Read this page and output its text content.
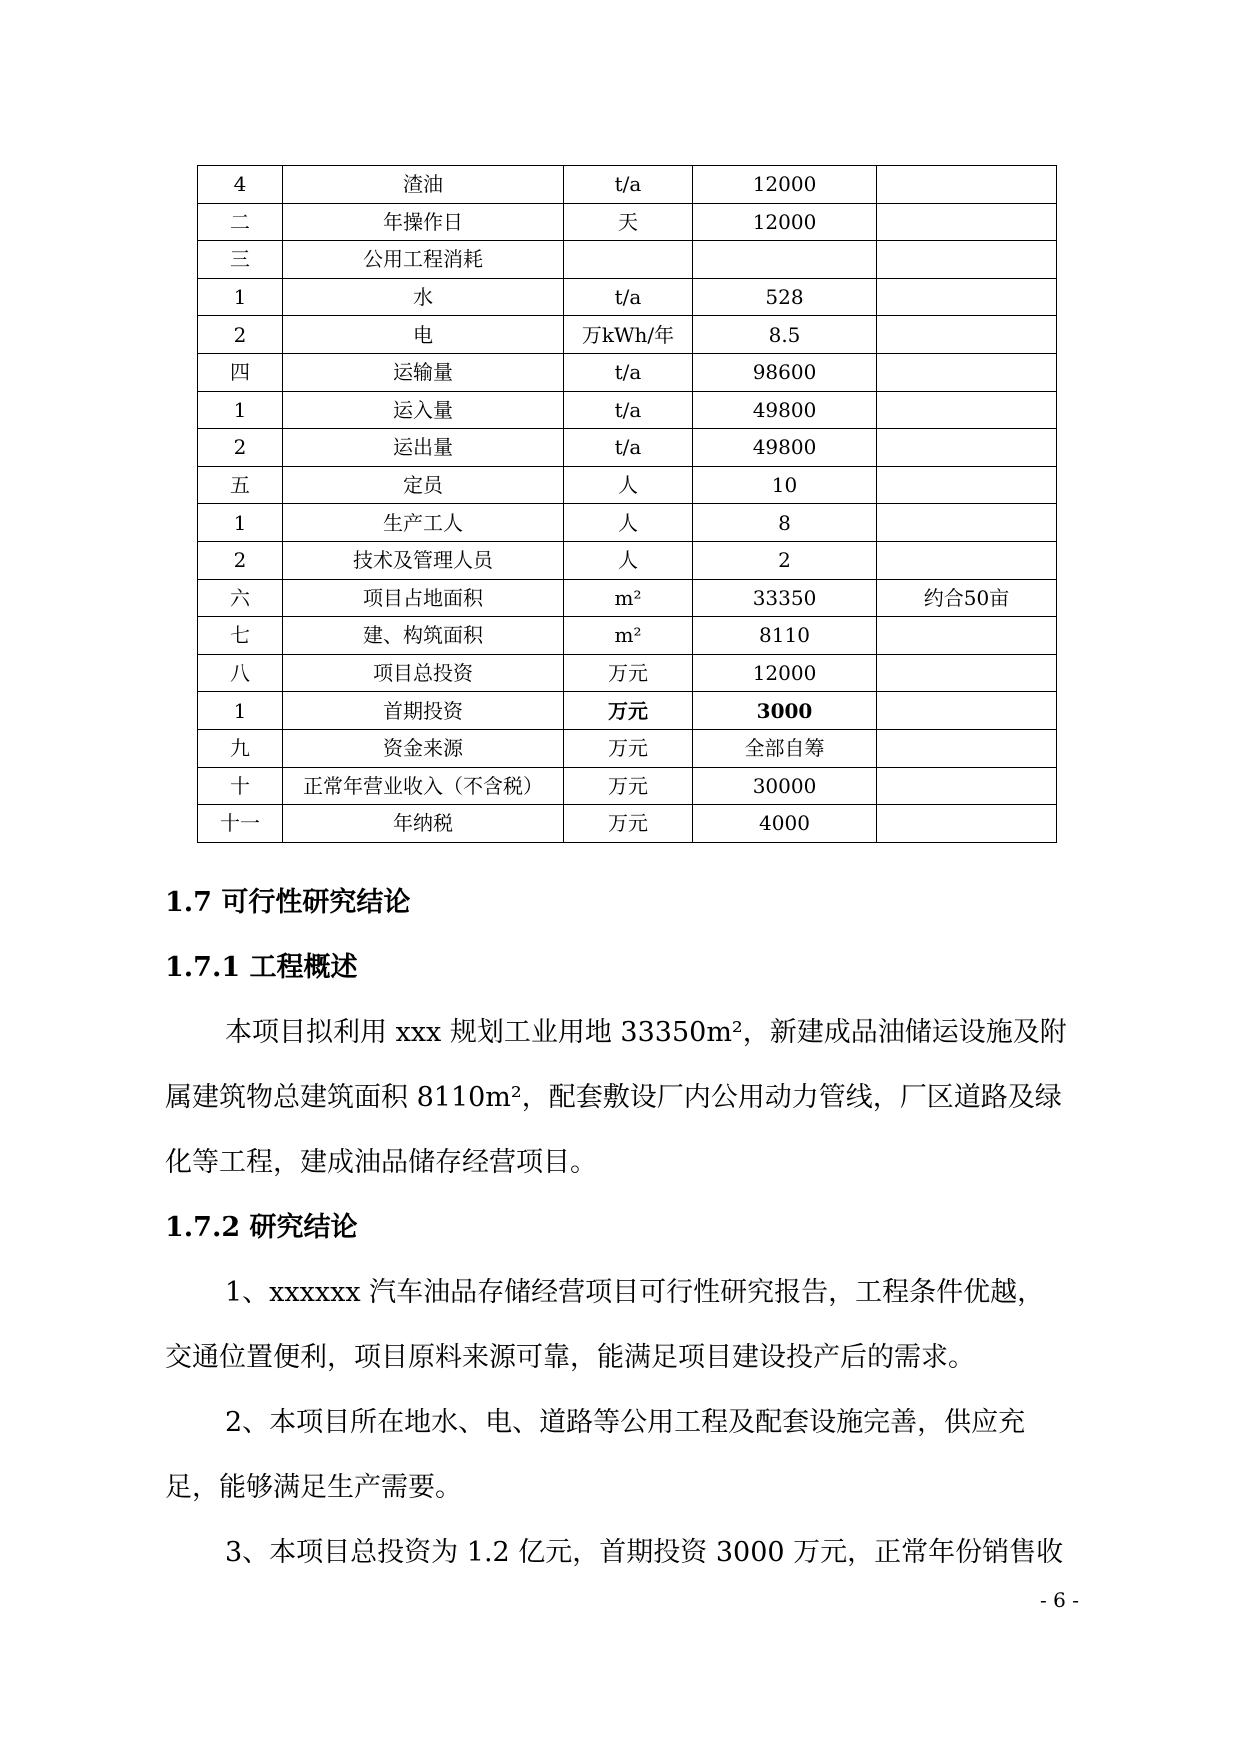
4	渣油	t/a	12000	
二	年操作日	天	12000	
三	公用工程消耗			
1	水	t/a	528	
2	电	万kWh/年	8.5	
四	运输量	t/a	98600	
1	运入量	t/a	49800	
2	运出量	t/a	49800	
五	定员	人	10	
1	生产工人	人	8	
2	技术及管理人员	人	2	
六	项目占地面积	m²	33350	约合50亩
七	建、构筑面积	m²	8110	
八	项目总投资	万元	12000	
1	首期投资	万元	3000	
九	资金来源	万元	全部自筹	
十	正常年营业收入（不含税）	万元	30000	
十一	年纳税	万元	4000	
1.7 可行性研究结论
1.7.1 工程概述

本项目拟利用 xxx 规划工业用地 33350m²，新建成品油储运设施及附

属建筑物总建筑面积 8110m²，配套敷设厂内公用动力管线，厂区道路及绿

化等工程，建成油品储存经营项目。

1.7.2 研究结论

1、xxxxxx 汽车油品存储经营项目可行性研究报告，工程条件优越，

交通位置便利，项目原料来源可靠，能满足项目建设投产后的需求。

2、本项目所在地水、电、道路等公用工程及配套设施完善，供应充

足，能够满足生产需要。

3、本项目总投资为 1.2 亿元，首期投资 3000 万元，正常年份销售收

- 6 -
